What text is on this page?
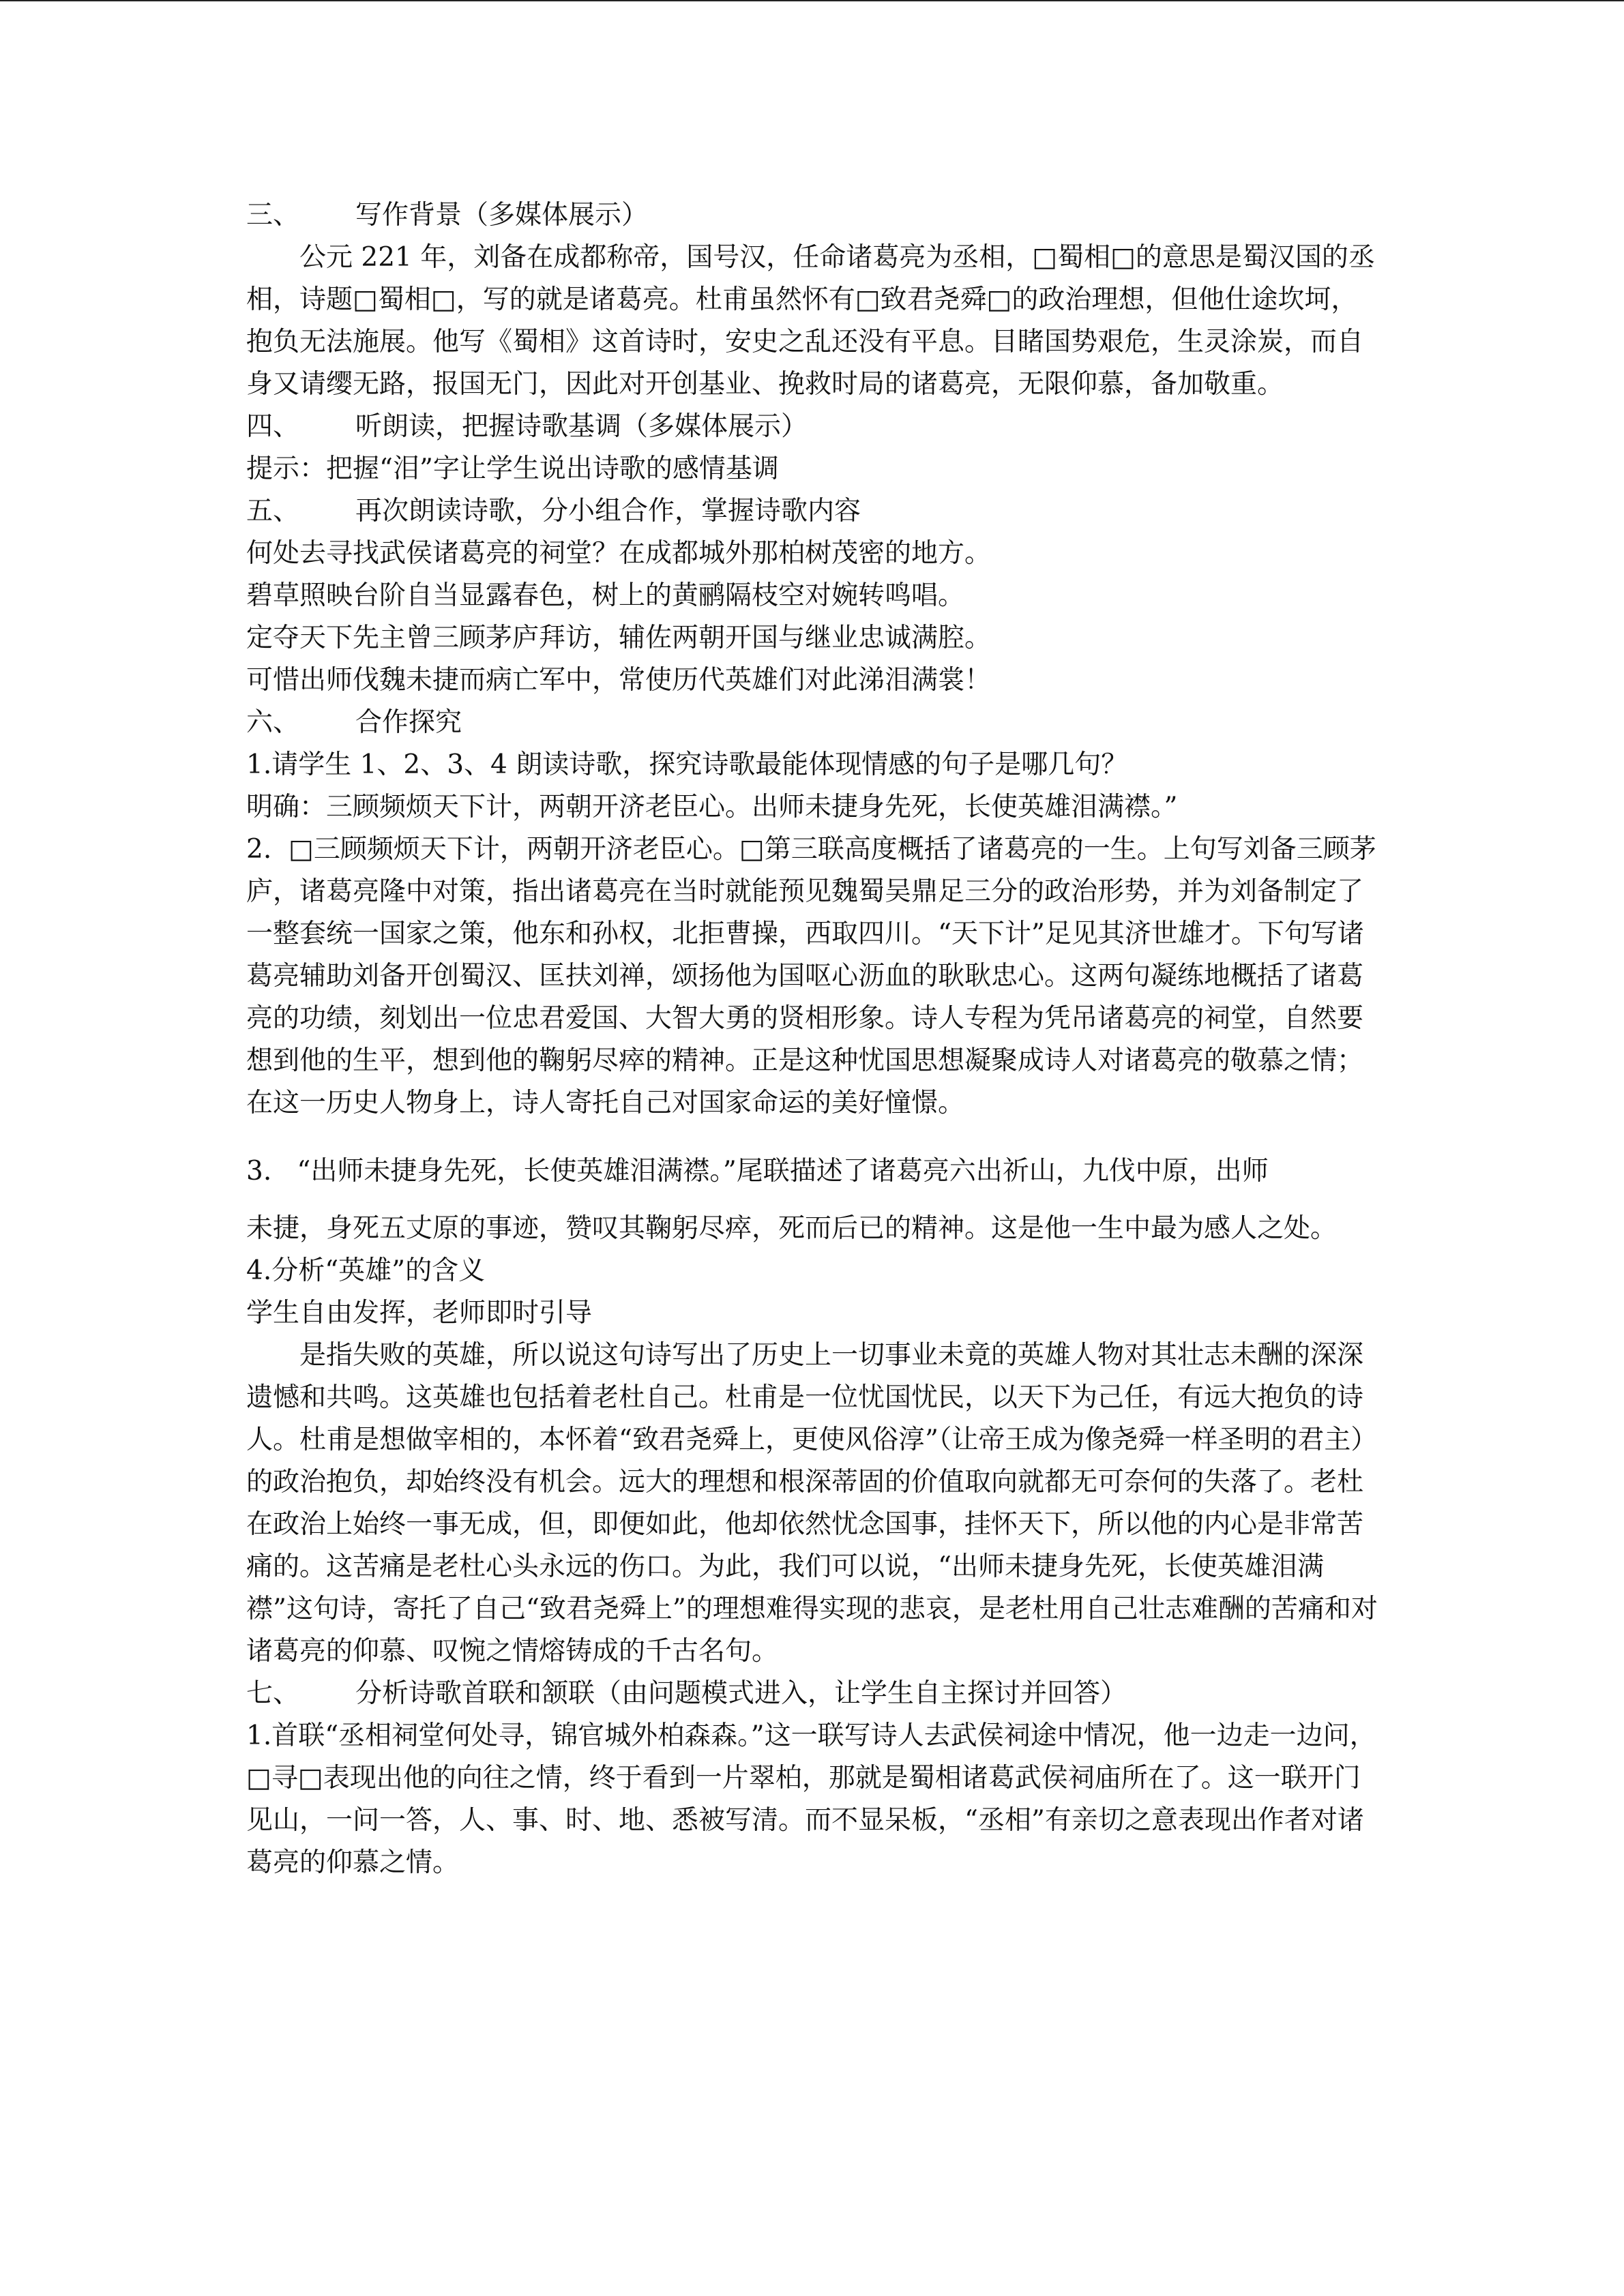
三、 写作背景（多媒体展示）
公元 221 年，刘备在成都称帝，国号汉，任命诸葛亮为丞相，□蜀相□的意思是蜀汉国的丞相，诗题□蜀相□，写的就是诸葛亮。杜甫虽然怀有□致君尧舜□的政治理想，但他仕途坎坷，抱负无法施展。他写《蜀相》这首诗时，安史之乱还没有平息。目睹国势艰危，生灵涂炭，而自身又请缨无路，报国无门，因此对开创基业、挽救时局的诸葛亮，无限仰慕，备加敬重。
四、 听朗读，把握诗歌基调（多媒体展示）
提示：把握“泪”字让学生说出诗歌的感情基调
五、 再次朗读诗歌，分小组合作，掌握诗歌内容
何处去寻找武侯诸葛亮的祠堂？在成都城外那柏树茂密的地方。
碧草照映台阶自当显露春色，树上的黄鹂隔枝空对婉转鸣唱。
定夺天下先主曾三顾茅庐拜访，辅佐两朝开国与继业忠诚满腔。
可惜出师伐魏未捷而病亡军中，常使历代英雄们对此涕泪满裳！
六、 合作探究
1.请学生 1、2、3、4 朗读诗歌，探究诗歌最能体现情感的句子是哪几句？
明确：三顾频烦天下计，两朝开济老臣心。出师未捷身先死，长使英雄泪满襟。”
2.  □三顾频烦天下计，两朝开济老臣心。□第三联高度概括了诸葛亮的一生。上句写刘备三顾茅庐，诸葛亮隆中对策，指出诸葛亮在当时就能预见魏蜀吴鼎足三分的政治形势，并为刘备制定了一整套统一国家之策，他东和孙权，北拒曹操，西取四川。“天下计”足见其济世雄才。下句写诸葛亮辅助刘备开创蜀汉、匡扶刘禅，颂扬他为国呕心沥血的耿耿忠心。这两句凝练地概括了诸葛亮的功绩，刻划出一位忠君爱国、大智大勇的贤相形象。诗人专程为凭吊诸葛亮的祠堂，自然要想到他的生平，想到他的鞠躬尽瘁的精神。正是这种忧国思想凝聚成诗人对诸葛亮的敬慕之情；在这一历史人物身上，诗人寄托自己对国家命运的美好憧憬。
3.   “出师未捷身先死，长使英雄泪满襟。”尾联描述了诸葛亮六出祈山，九伐中原，出师
未捷，身死五丈原的事迹，赞叹其鞠躬尽瘁，死而后已的精神。这是他一生中最为感人之处。
4.分析“英雄”的含义
学生自由发挥，老师即时引导
是指失败的英雄，所以说这句诗写出了历史上一切事业未竟的英雄人物对其壮志未酬的深深遗憾和共鸣。这英雄也包括着老杜自己。杜甫是一位忧国忧民，以天下为己任，有远大抱负的诗人。杜甫是想做宰相的，本怀着“致君尧舜上，更使风俗淳”（让帝王成为像尧舜一样圣明的君主）的政治抱负，却始终没有机会。远大的理想和根深蒂固的价值取向就都无可奈何的失落了。老杜在政治上始终一事无成，但，即便如此，他却依然忧念国事，挂怀天下，所以他的内心是非常苦痛的。这苦痛是老杜心头永远的伤口。为此，我们可以说，“出师未捷身先死，长使英雄泪满襟”这句诗，寄托了自己“致君尧舜上”的理想难得实现的悲哀，是老杜用自己壮志难酬的苦痛和对诸葛亮的仰慕、叹惋之情熔铸成的千古名句。
七、 分析诗歌首联和颔联（由问题模式进入，让学生自主探讨并回答）
1.首联“丞相祠堂何处寻，锦官城外柏森森。”这一联写诗人去武侯祠途中情况，他一边走一边问，□寻□表现出他的向往之情，终于看到一片翠柏，那就是蜀相诸葛武侯祠庙所在了。这一联开门见山，一问一答，人、事、时、地、悉被写清。而不显呆板，“丞相”有亲切之意表现出作者对诸葛亮的仰慕之情。
